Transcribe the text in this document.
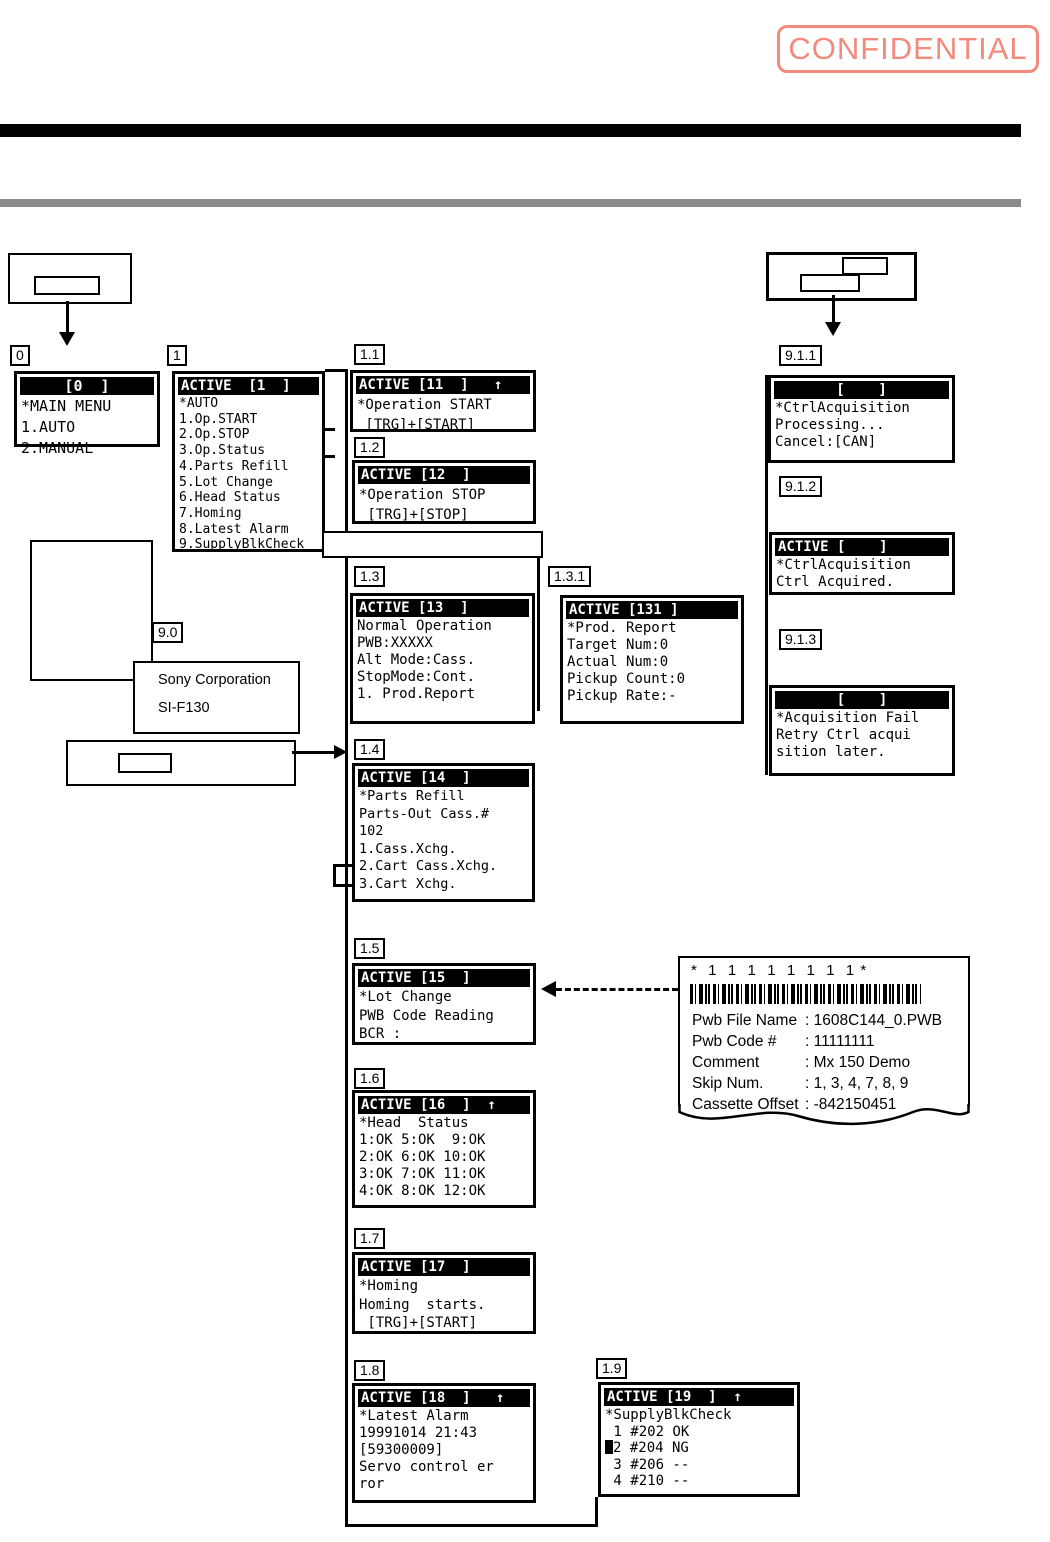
CONFIDENTIAL
0	1	1.1
1.2
1.3	1.3.1
1.4
1.5
1.6
1.7
1.8	1.9
9.0
9.1.1
9.1.2
9.1.3
[0  ]
*MAIN MENU
1.AUTO
2.MANUAL
ACTIVE  [1  ]
*AUTO
1.Op.START
2.Op.STOP
3.Op.Status
4.Parts Refill
5.Lot Change
6.Head Status
7.Homing
8.Latest Alarm
9.SupplyBlkCheck
ACTIVE [11  ]   ↑
*Operation START
[TRG]+[START]
ACTIVE [12  ]
*Operation STOP
[TRG]+[STOP]
ACTIVE [13  ]
Normal Operation
PWB:XXXXX
Alt Mode:Cass.
StopMode:Cont.
1. Prod.Report
ACTIVE [131 ]
*Prod. Report
Target Num:0
Actual Num:0
Pickup Count:0
Pickup Rate:-
Sony Corporation
SI-F130
ACTIVE [14  ]
*Parts Refill
Parts-Out Cass.#
102
1.Cass.Xchg.
2.Cart Cass.Xchg.
3.Cart Xchg.
ACTIVE [15  ]
*Lot Change
PWB Code Reading
BCR :
*  1  1  1  1  1  1  1  1 *
Pwb File Name : 1608C144_0.PWB
Pwb Code #	: 11111111
Comment	: Mx 150 Demo
Skip Num.	: 1, 3, 4, 7, 8, 9
Cassette Offset : -842150451
ACTIVE [16  ]  ↑
*Head  Status
1:OK 5:OK  9:OK
2:OK 6:OK 10:OK
3:OK 7:OK 11:OK
4:OK 8:OK 12:OK
ACTIVE [17  ]
*Homing
Homing  starts.
[TRG]+[START]
ACTIVE [18  ]   ↑
*Latest Alarm
19991014 21:43
[59300009]
Servo control er
ror
ACTIVE [19  ]  ↑
*SupplyBlkCheck
1 #202 OK
2 #204 NG
3 #206 --
4 #210 --
[    ]
*CtrlAcquisition
Processing...
Cancel:[CAN]
ACTIVE [    ]
*CtrlAcquisition
Ctrl Acquired.
[    ]
*Acquisition Fail
Retry Ctrl acqui
sition later.
